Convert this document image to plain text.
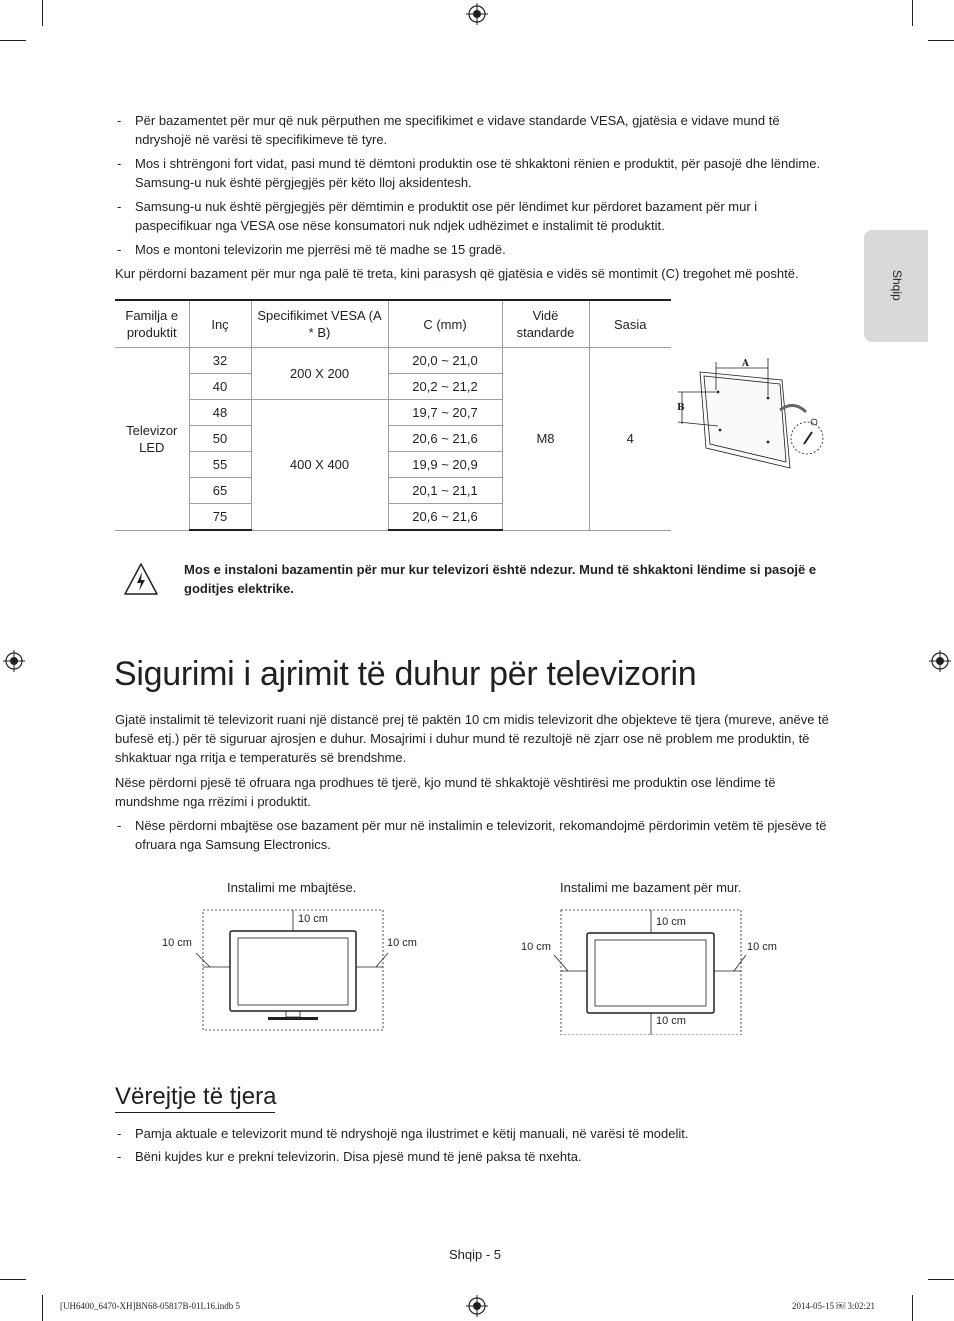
Shqip
- Për bazamentet për mur që nuk përputhen me specifikimet e vidave standarde VESA, gjatësia e vidave mund të ndryshojë në varësi të specifikimeve të tyre.
- Mos i shtrëngoni fort vidat, pasi mund të dëmtoni produktin ose të shkaktoni rënien e produktit, për pasojë dhe lëndime. Samsung-u nuk është përgjegjës për këto lloj aksidentesh.
- Samsung-u nuk është përgjegjës për dëmtimin e produktit ose për lëndimet kur përdoret bazament për mur i paspecifikuar nga VESA ose nëse konsumatori nuk ndjek udhëzimet e instalimit të produktit.
- Mos e montoni televizorin me pjerrësi më të madhe se 15 gradë.
Kur përdorni bazament për mur nga palë të treta, kini parasysh që gjatësia e vidës së montimit (C) tregohet më poshtë.
Familja e produktit	Inç	Specifikimet VESA (A * B)	C (mm)	Vidë standarde	Sasia
Televizor LED	32	200 X 200	20,0 ~ 21,0	M8	4
	40		20,2 ~ 21,2		
	48	400 X 400	19,7 ~ 20,7		
	50		20,6 ~ 21,6		
	55		19,9 ~ 20,9		
	65		20,1 ~ 21,1		
	75		20,6 ~ 21,6		
A
B
Mos e instaloni bazamentin për mur kur televizori është ndezur. Mund të shkaktoni lëndime si pasojë e goditjes elektrike.
Sigurimi i ajrimit të duhur për televizorin
Gjatë instalimit të televizorit ruani një distancë prej të paktën 10 cm midis televizorit dhe objekteve të tjera (mureve, anëve të bufesë etj.) për të siguruar ajrosjen e duhur. Mosajrimi i duhur mund të rezultojë në zjarr ose në problem me produktin, të shkaktuar nga rritja e temperaturës së brendshme.
Nëse përdorni pjesë të ofruara nga prodhues të tjerë, kjo mund të shkaktojë vështirësi me produktin ose lëndime të mundshme nga rrëzimi i produktit.
- Nëse përdorni mbajtëse ose bazament për mur në instalimin e televizorit, rekomandojmë përdorimin vetëm të pjesëve të ofruara nga Samsung Electronics.
Instalimi me mbajtëse.	Instalimi me bazament për mur.
10 cm
10 cm	10 cm
10 cm
10 cm	10 cm
10 cm
Vërejtje të tjera
- Pamja aktuale e televizorit mund të ndryshojë nga ilustrimet e këtij manuali, në varësi të modelit.
- Bëni kujdes kur e prekni televizorin. Disa pjesë mund të jenë paksa të nxehta.
Shqip - 5
[UH6400_6470-XH]BN68-05817B-01L16.indb 5	2014-05-15 ￼ 3:02:21
